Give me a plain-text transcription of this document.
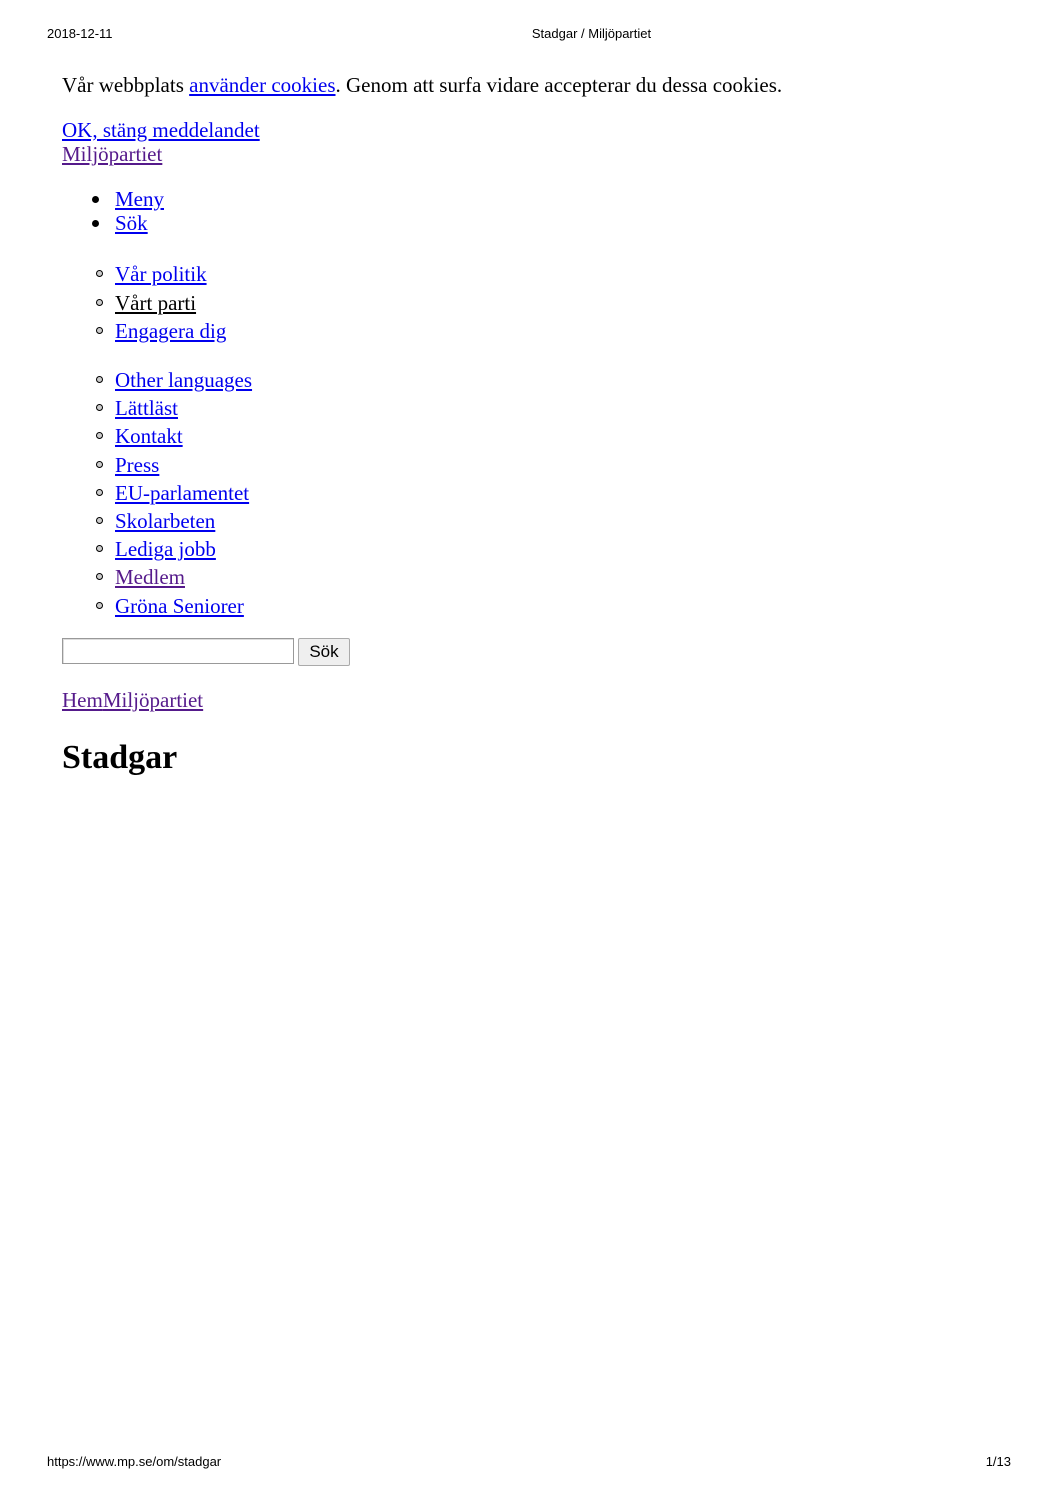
2018-12-11	Stadgar / Miljöpartiet
Vår webbplats använder cookies. Genom att surfa vidare accepterar du dessa cookies.
OK, stäng meddelandet
Miljöpartiet
Meny
Sök
Vår politik
Vårt parti
Engagera dig
Other languages
Lättläst
Kontakt
Press
EU-parlamentet
Skolarbeten
Lediga jobb
Medlem
Gröna Seniorer
Sök
HemMiljöpartiet
Stadgar
https://www.mp.se/om/stadgar	1/13
